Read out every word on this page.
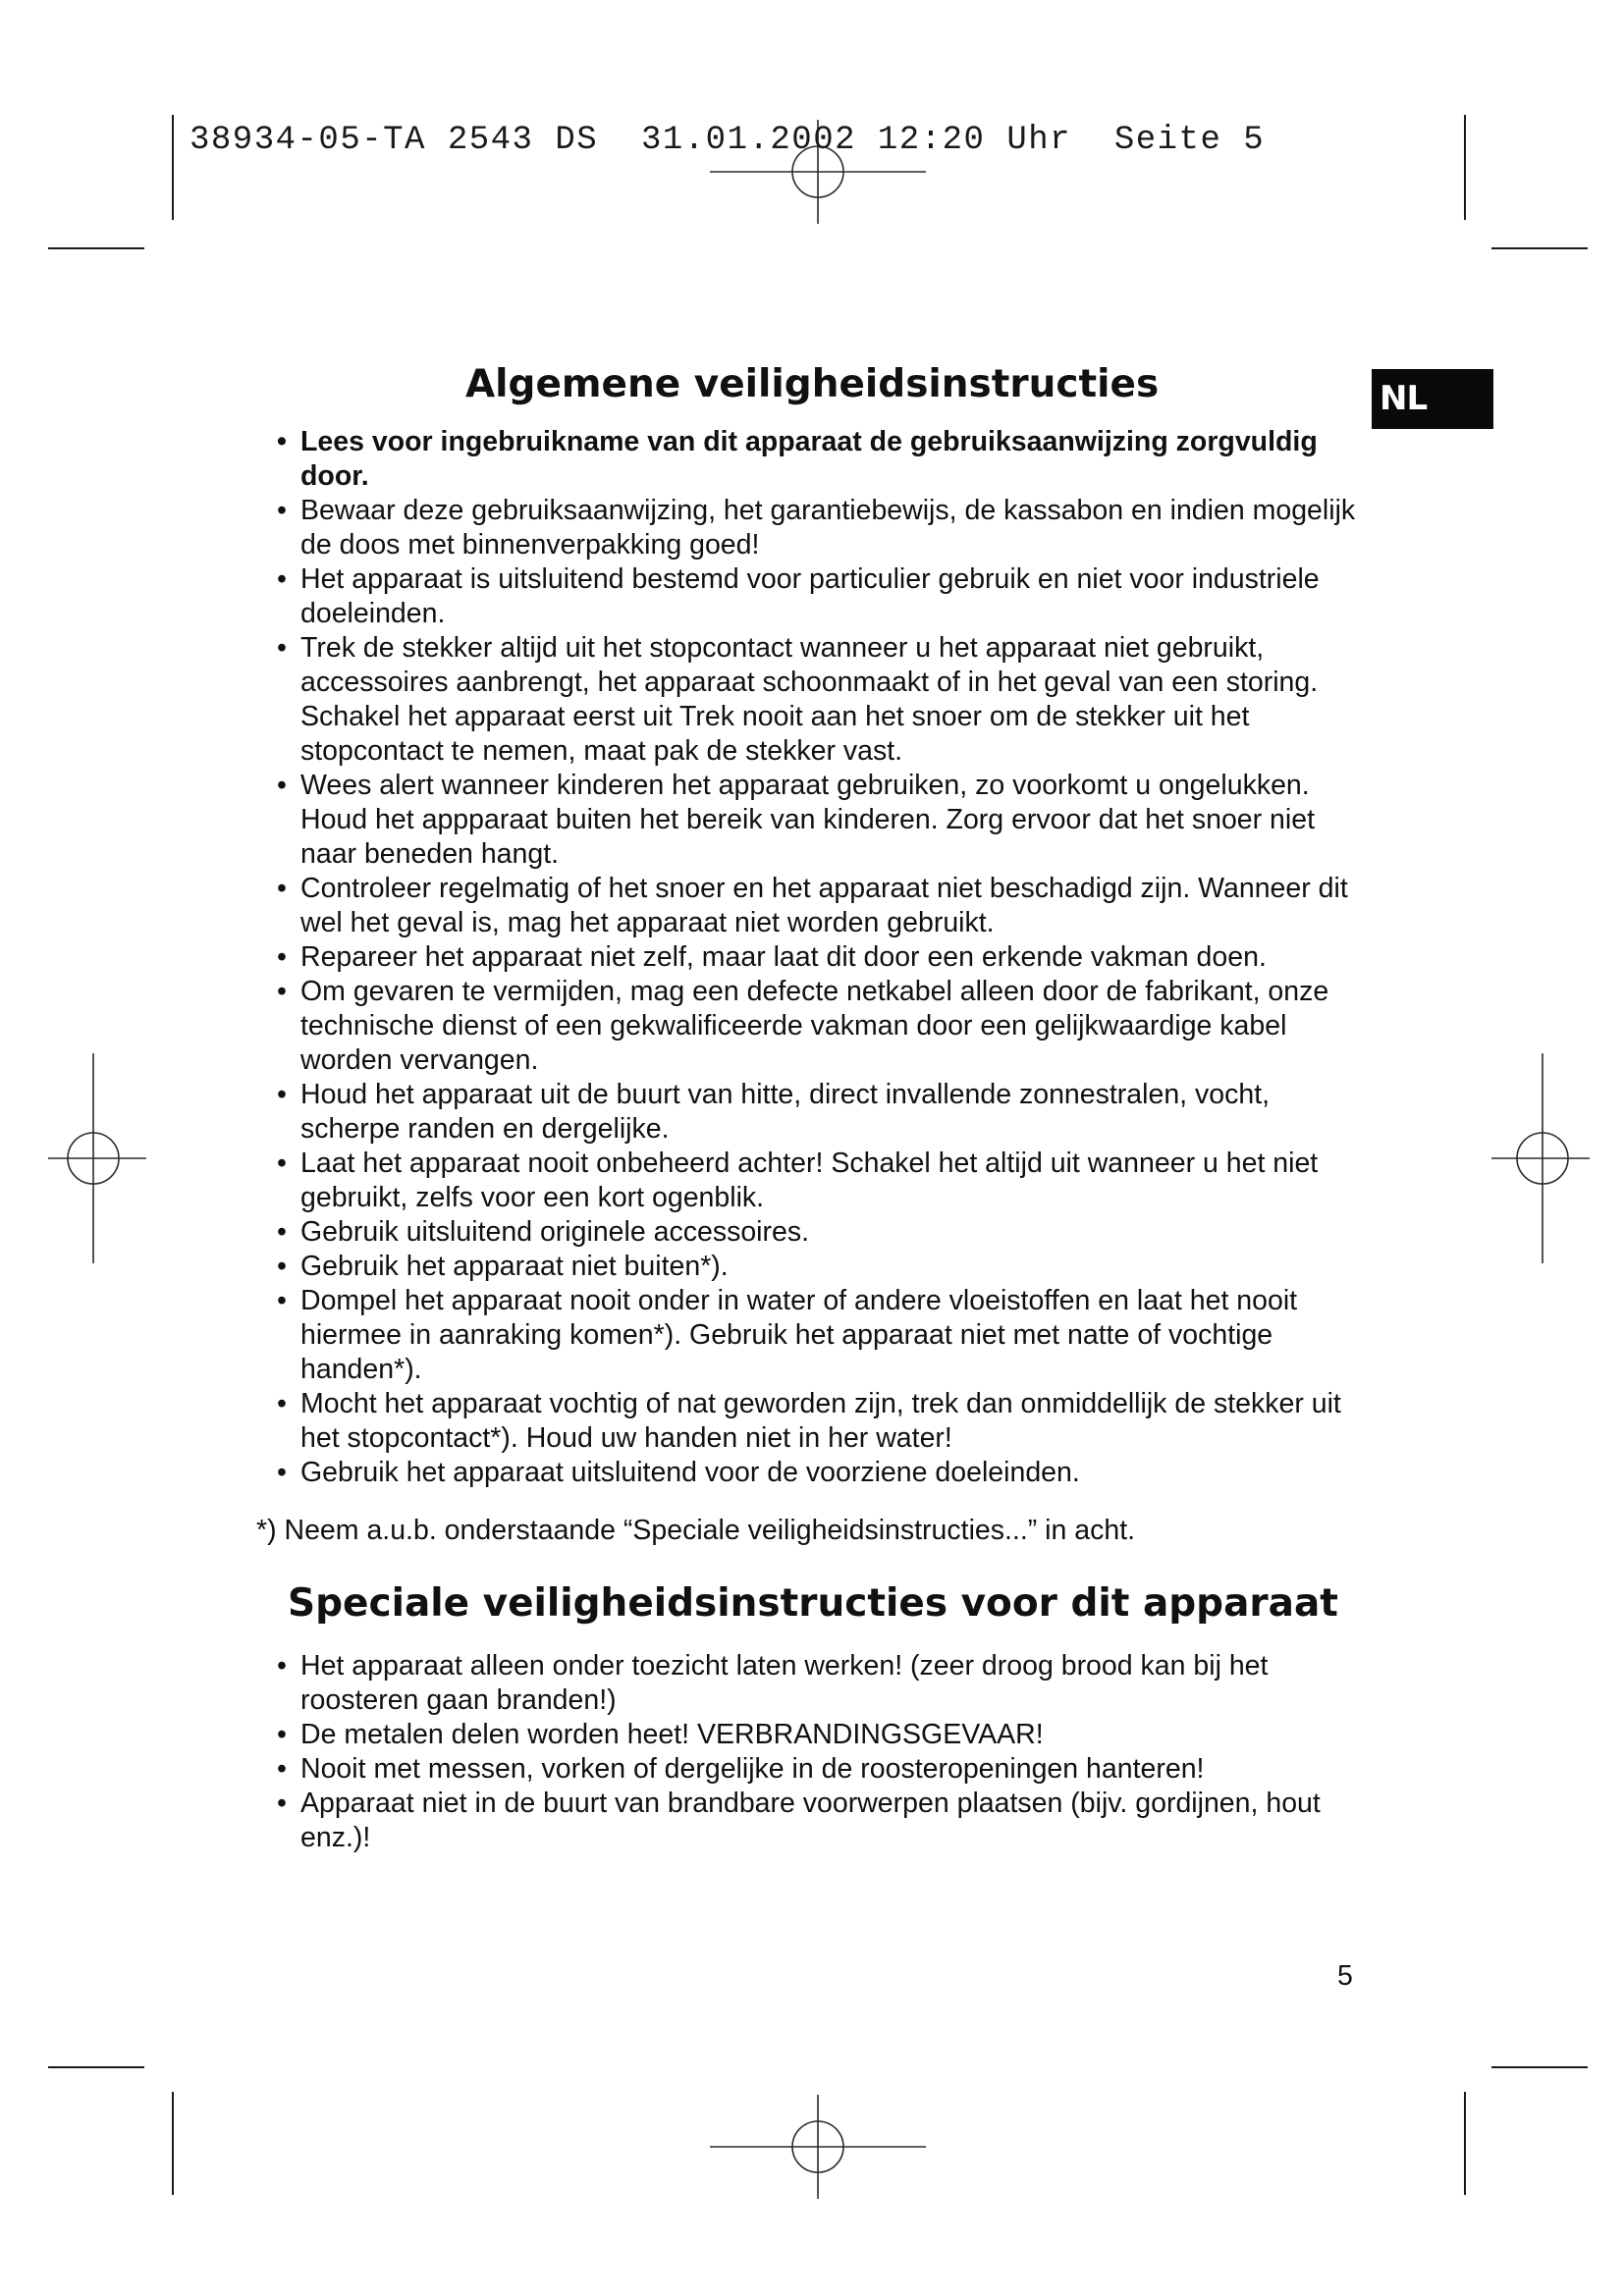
38934-05-TA 2543 DS  31.01.2002 12:20 Uhr  Seite 5
NL
Algemene veiligheidsinstructies
• Lees voor ingebruikname van dit apparaat de gebruiksaanwijzing zorgvuldig door.
• Bewaar deze gebruiksaanwijzing, het garantiebewijs, de kassabon en indien mogelijk de doos met binnenverpakking goed!
• Het apparaat is uitsluitend bestemd voor particulier gebruik en niet voor industriele doeleinden.
• Trek de stekker altijd uit het stopcontact wanneer u het apparaat niet gebruikt, accessoires aanbrengt, het apparaat schoonmaakt of in het geval van een storing. Schakel het apparaat eerst uit Trek nooit aan het snoer om de stekker uit het stopcontact te nemen, maat pak de stekker vast.
• Wees alert wanneer kinderen het apparaat gebruiken, zo voorkomt u ongelukken. Houd het appparaat buiten het bereik van kinderen. Zorg ervoor dat het snoer niet naar beneden hangt.
• Controleer regelmatig of het snoer en het apparaat niet beschadigd zijn. Wanneer dit wel het geval is, mag het apparaat niet worden gebruikt.
• Repareer het apparaat niet zelf, maar laat dit door een erkende vakman doen.
• Om gevaren te vermijden, mag een defecte netkabel alleen door de fabrikant, onze technische dienst of een gekwalificeerde vakman door een gelijkwaardige kabel worden vervangen.
• Houd het apparaat uit de buurt van hitte, direct invallende zonnestralen, vocht, scherpe randen en dergelijke.
• Laat het apparaat nooit onbeheerd achter! Schakel het altijd uit wanneer u het niet gebruikt, zelfs voor een kort ogenblik.
• Gebruik uitsluitend originele accessoires.
• Gebruik het apparaat niet buiten*).
• Dompel het apparaat nooit onder in water of andere vloeistoffen en laat het nooit hiermee in aanraking komen*). Gebruik het apparaat niet met natte of vochtige handen*).
• Mocht het apparaat vochtig of nat geworden zijn, trek dan onmiddellijk de stekker uit het stopcontact*). Houd uw handen niet in her water!
• Gebruik het apparaat uitsluitend voor de voorziene doeleinden.

*) Neem a.u.b. onderstaande “Speciale veiligheidsinstructies...” in acht.

Speciale veiligheidsinstructies voor dit apparaat
• Het apparaat alleen onder toezicht laten werken! (zeer droog brood kan bij het roosteren gaan branden!)
• De metalen delen worden heet! VERBRANDINGSGEVAAR!
• Nooit met messen, vorken of dergelijke in de roosteropeningen hanteren!
• Apparaat niet in de buurt van brandbare voorwerpen plaatsen (bijv. gordijnen, hout enz.)!

5
